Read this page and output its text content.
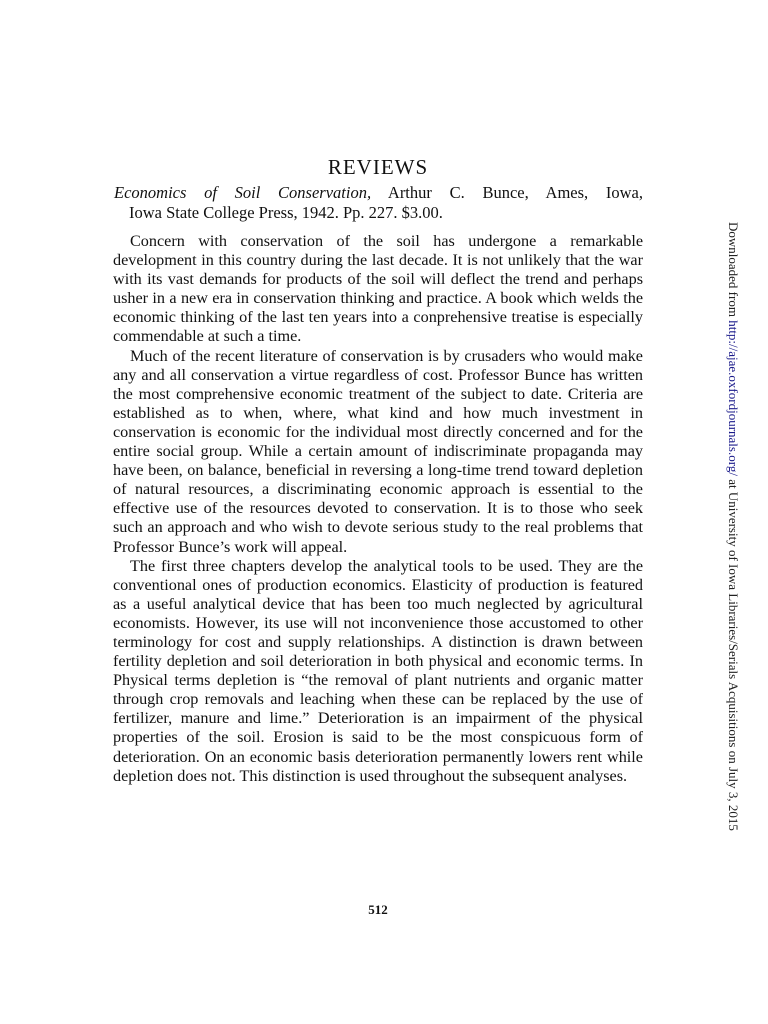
REVIEWS
Economics of Soil Conservation, Arthur C. Bunce, Ames, Iowa,
Iowa State College Press, 1942. Pp. 227. $3.00.

Concern with conservation of the soil has undergone a remarkable development in this country during the last decade. It is not unlikely that the war with its vast demands for products of the soil will deflect the trend and perhaps usher in a new era in conservation thinking and practice. A book which welds the economic thinking of the last ten years into a conprehensive treatise is especially commendable at such a time.

Much of the recent literature of conservation is by crusaders who would make any and all conservation a virtue regardless of cost. Professor Bunce has written the most comprehensive economic treatment of the subject to date. Criteria are established as to when, where, what kind and how much investment in conservation is economic for the individual most directly concerned and for the entire social group. While a certain amount of indiscriminate propaganda may have been, on balance, beneficial in reversing a long-time trend toward depletion of natural resources, a discriminating economic approach is essential to the effective use of the resources devoted to conservation. It is to those who seek such an approach and who wish to devote serious study to the real problems that Professor Bunce’s work will appeal.

The first three chapters develop the analytical tools to be used. They are the conventional ones of production economics. Elasticity of production is featured as a useful analytical device that has been too much neglected by agricultural economists. However, its use will not inconvenience those accustomed to other terminology for cost and supply relationships. A distinction is drawn between fertility depletion and soil deterioration in both physical and economic terms. In Physical terms depletion is “the removal of plant nutrients and organic matter through crop removals and leaching when these can be replaced by the use of fertilizer, manure and lime.” Deterioration is an impairment of the physical properties of the soil. Erosion is said to be the most conspicuous form of deterioration. On an economic basis deterioration permanently lowers rent while depletion does not. This distinction is used throughout the subsequent analyses.

512
Downloaded from http://ajae.oxfordjournals.org/ at University of Iowa Libraries/Serials Acquisitions on July 3, 2015
